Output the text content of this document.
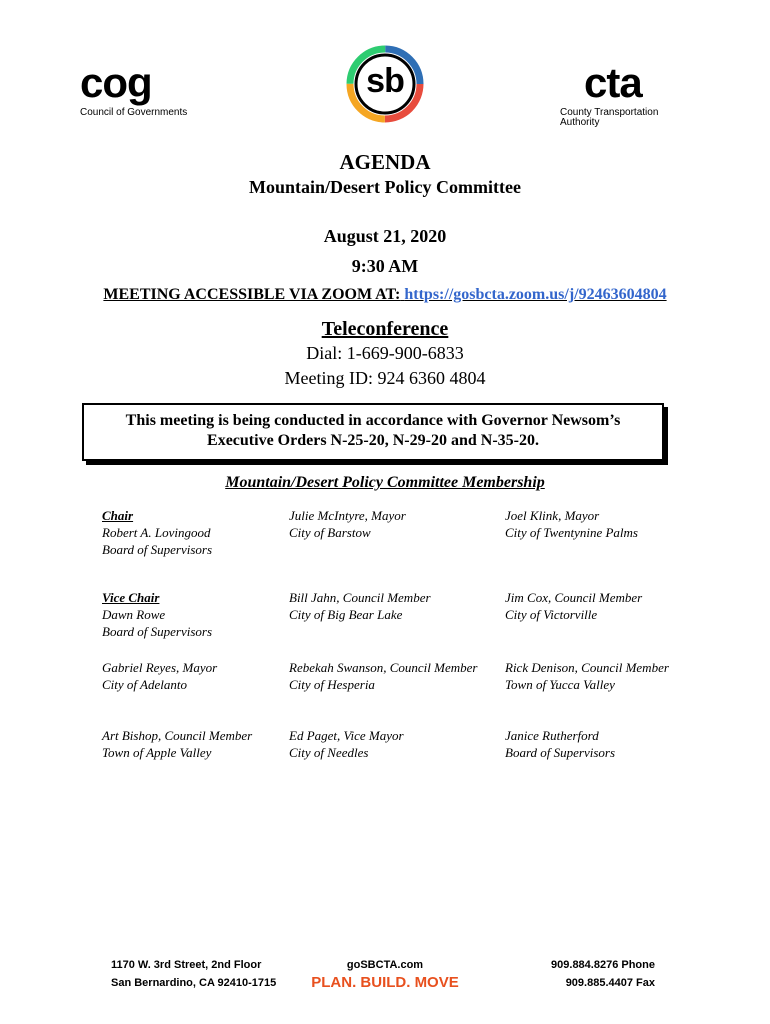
cog
Council of Governments
sb	cta
County Transportation Authority
AGENDA
Mountain/Desert Policy Committee
August 21, 2020
9:30 AM
MEETING ACCESSIBLE VIA ZOOM AT: https://gosbcta.zoom.us/j/92463604804
Teleconference
Dial: 1-669-900-6833
Meeting ID: 924 6360 4804
This meeting is being conducted in accordance with Governor Newsom’s
Executive Orders N-25-20, N-29-20 and N-35-20.
Mountain/Desert Policy Committee Membership
Chair
Robert A. Lovingood
Board of Supervisors
Julie McIntyre, Mayor
City of Barstow
Joel Klink, Mayor
City of Twentynine Palms
Vice Chair
Dawn Rowe
Board of Supervisors
Bill Jahn, Council Member
City of Big Bear Lake
Jim Cox, Council Member
City of Victorville
Gabriel Reyes, Mayor
City of Adelanto
Rebekah Swanson, Council Member
City of Hesperia
Rick Denison, Council Member
Town of Yucca Valley
Art Bishop, Council Member
Town of Apple Valley
Ed Paget, Vice Mayor
City of Needles
Janice Rutherford
Board of Supervisors
1170 W. 3rd Street, 2nd Floor
San Bernardino, CA 92410-1715
goSBCTA.com
PLAN. BUILD. MOVE
909.884.8276 Phone
909.885.4407 Fax
